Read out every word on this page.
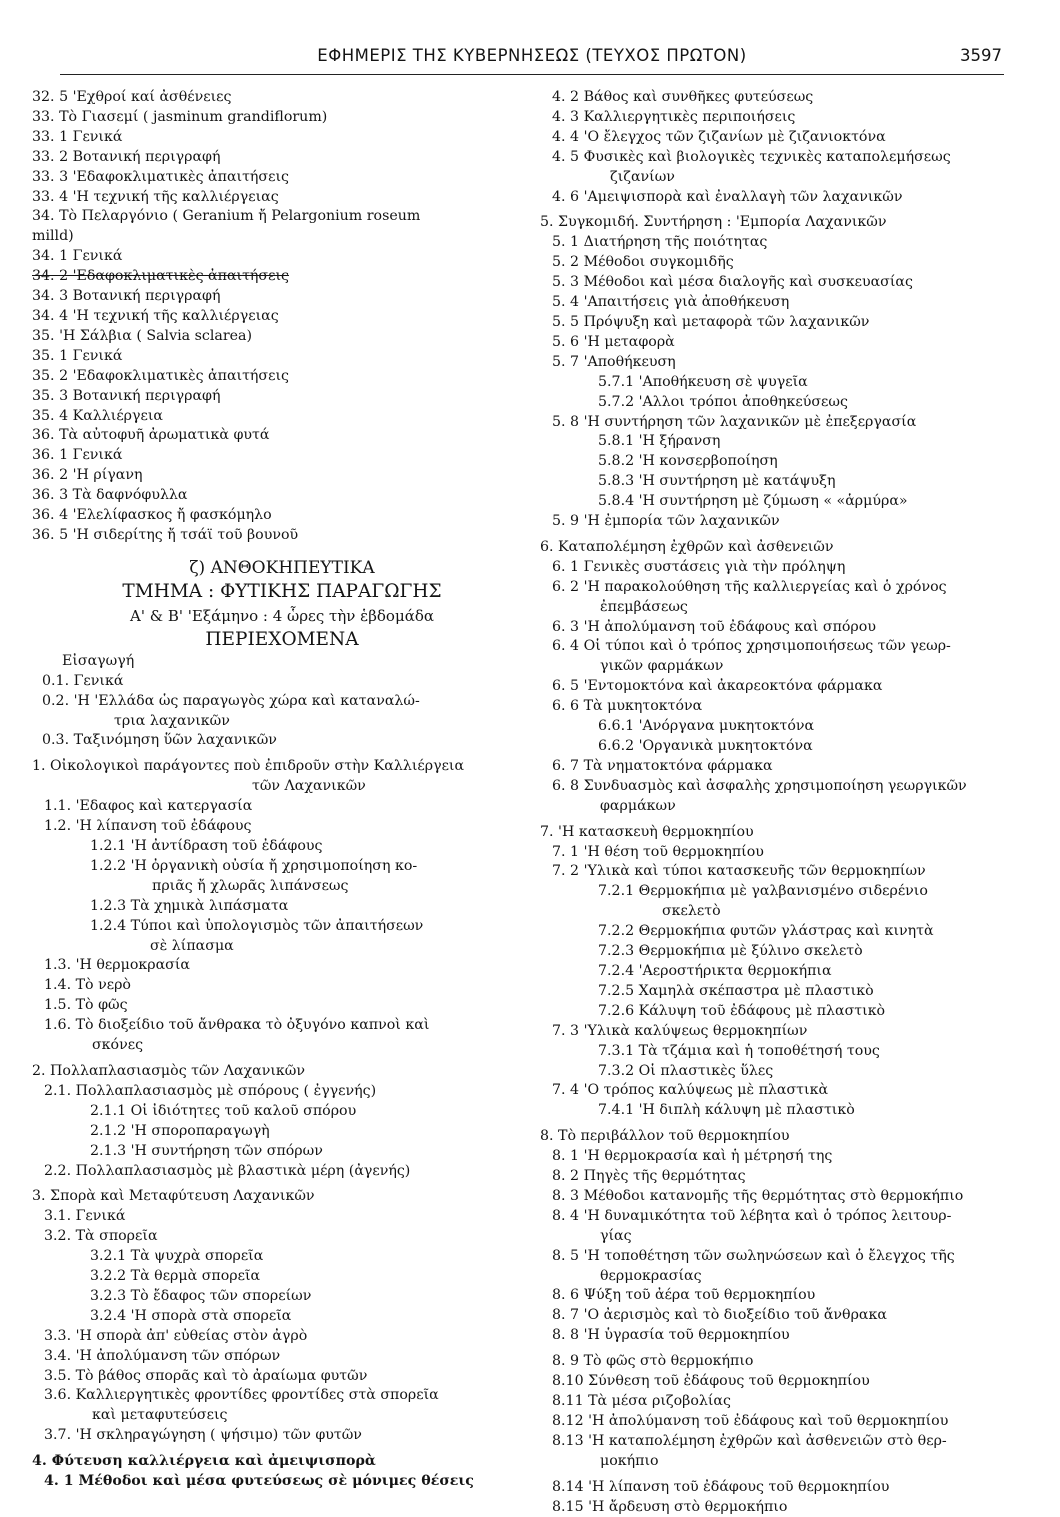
ΕΦΗΜΕΡΙΣ ΤΗΣ ΚΥΒΕΡΝΗΣΕΩΣ (ΤΕΥΧΟΣ ΠΡΩΤΟΝ)	3597
32. 5 'Εχθροί καί ἀσθένειες
33. Τὸ Γιασεμί ( jasminum grandiflorum)
33. 1 Γενικά
33. 2 Βοτανική περιγραφή
33. 3 'Εδαφοκλιματικὲς ἀπαιτήσεις
33. 4 'Η τεχνική τῆς καλλιέργειας
34. Τὸ Πελαργόνιο ( Geranium ἤ Pelargonium roseum
milld)
34. 1 Γενικά
34. 2 'Εδαφοκλιματικὲς ἀπαιτήσεις
34. 3 Βοτανική περιγραφή
34. 4 'Η τεχνική τῆς καλλιέργειας
35. 'Η Σάλβια ( Salvia sclarea)
35. 1 Γενικά
35. 2 'Εδαφοκλιματικὲς ἀπαιτήσεις
35. 3 Βοτανική περιγραφή
35. 4 Καλλιέργεια
36. Τὰ αὐτοφυῆ ἀρωματικὰ φυτά
36. 1 Γενικά
36. 2 'Η ρίγανη
36. 3 Τὰ δαφνόφυλλα
36. 4 'Ελελίφασκος ἤ φασκόμηλο
36. 5 'Η σιδερίτης ἤ τσάϊ τοῦ βουνοῦ
ζ) ΑΝΘΟΚΗΠΕΥΤΙΚΑ
ΤΜΗΜΑ : ΦΥΤΙΚΗΣ ΠΑΡΑΓΩΓΗΣ
Α' & Β' 'Εξάμηνο : 4 ὧρες τὴν ἑβδομάδα
ΠΕΡΙΕΧΟΜΕΝΑ
Εἰσαγωγή
0.1. Γενικά
0.2. 'Η 'Ελλάδα ὡς παραγωγὸς χώρα καὶ καταναλώ-
τρια λαχανικῶν
0.3. Ταξινόμηση ὕῶν λαχανικῶν
1. Οἰκολογικοὶ παράγοντες ποὺ ἐπιδροῦν στὴν Καλλιέργεια
τῶν Λαχανικῶν
1.1. 'Εδαφος καὶ κατεργασία
1.2. 'Η λίπανση τοῦ ἐδάφους
1.2.1 'Η ἀντίδραση τοῦ ἐδάφους
1.2.2 'Η ὀργανικὴ οὐσία ἤ χρησιμοποίηση κο-
πριᾶς ἤ χλωρᾶς λιπάνσεως
1.2.3 Τὰ χημικὰ λιπάσματα
1.2.4 Τύποι καὶ ὑπολογισμὸς τῶν ἀπαιτήσεων
σὲ λίπασμα
1.3. 'Η θερμοκρασία
1.4. Τὸ νερὸ
1.5. Τὸ φῶς
1.6. Τὸ διοξείδιο τοῦ ἄνθρακα τὸ ὀξυγόνο καπνοὶ καὶ
σκόνες
2. Πολλαπλασιασμὸς τῶν Λαχανικῶν
2.1. Πολλαπλασιασμὸς μὲ σπόρους ( ἐγγενής)
2.1.1 Οἱ ἰδιότητες τοῦ καλοῦ σπόρου
2.1.2 'Η σποροπαραγωγὴ
2.1.3 'Η συντήρηση τῶν σπόρων
2.2. Πολλαπλασιασμὸς μὲ βλαστικὰ μέρη (ἀγενής)
3. Σπορὰ καὶ Μεταφύτευση Λαχανικῶν
3.1. Γενικά
3.2. Τὰ σπορεῖα
3.2.1 Τὰ ψυχρὰ σπορεῖα
3.2.2 Τὰ θερμὰ σπορεῖα
3.2.3 Τὸ ἔδαφος τῶν σπορείων
3.2.4 'Η σπορὰ στὰ σπορεῖα
3.3. 'Η σπορὰ ἀπ' εὐθείας στὸν ἀγρὸ
3.4. 'Η ἀπολύμανση τῶν σπόρων
3.5. Τὸ βάθος σπορᾶς καὶ τὸ ἀραίωμα φυτῶν
3.6. Καλλιεργητικὲς φροντίδες φροντίδες στὰ σπορεῖα
καὶ μεταφυτεύσεις
3.7. 'Η σκληραγώγηση ( ψήσιμο) τῶν φυτῶν
4. Φύτευση καλλιέργεια καὶ ἀμειψισπορὰ
4. 1 Μέθοδοι καὶ μέσα φυτεύσεως σὲ μόνιμες θέσεις
4. 2 Βάθος καὶ συνθῆκες φυτεύσεως
4. 3 Καλλιεργητικὲς περιποιήσεις
4. 4 'Ο ἔλεγχος τῶν ζιζανίων μὲ ζιζανιοκτόνα
4. 5 Φυσικὲς καὶ βιολογικὲς τεχνικὲς καταπολεμήσεως
ζιζανίων
4. 6 'Αμειψισπορὰ καὶ ἐναλλαγὴ τῶν λαχανικῶν
5. Συγκομιδή. Συντήρηση : 'Εμπορία Λαχανικῶν
5. 1 Διατήρηση τῆς ποιότητας
5. 2 Μέθοδοι συγκομιδῆς
5. 3 Μέθοδοι καὶ μέσα διαλογῆς καὶ συσκευασίας
5. 4 'Απαιτήσεις γιὰ ἀποθήκευση
5. 5 Πρόψυξη καὶ μεταφορὰ τῶν λαχανικῶν
5. 6 'Η μεταφορὰ
5. 7 'Αποθήκευση
5.7.1 'Αποθήκευση σὲ ψυγεῖα
5.7.2 'Αλλοι τρόποι ἀποθηκεύσεως
5. 8 'Η συντήρηση τῶν λαχανικῶν μὲ ἐπεξεργασία
5.8.1 'Η ξήρανση
5.8.2 'Η κονσερβοποίηση
5.8.3 'Η συντήρηση μὲ κατάψυξη
5.8.4 'Η συντήρηση μὲ ζύμωση « «ἁρμύρα»
5. 9 'Η ἐμπορία τῶν λαχανικῶν
6. Καταπολέμηση ἐχθρῶν καὶ ἀσθενειῶν
6. 1 Γενικὲς συστάσεις γιὰ τὴν πρόληψη
6. 2 'Η παρακολούθηση τῆς καλλιεργείας καὶ ὁ χρόνος
ἐπεμβάσεως
6. 3 'Η ἀπολύμανση τοῦ ἐδάφους καὶ σπόρου
6. 4 Οἱ τύποι καὶ ὁ τρόπος χρησιμοποιήσεως τῶν γεωρ-
γικῶν φαρμάκων
6. 5 'Εντομοκτόνα καὶ ἀκαρεοκτόνα φάρμακα
6. 6 Τὰ μυκητοκτόνα
6.6.1 'Ανόργανα μυκητοκτόνα
6.6.2 'Οργανικὰ μυκητοκτόνα
6. 7 Τὰ νηματοκτόνα φάρμακα
6. 8 Συνδυασμὸς καὶ ἀσφαλὴς χρησιμοποίηση γεωργικῶν
φαρμάκων
7. 'Η κατασκευὴ θερμοκηπίου
7. 1 'Η θέση τοῦ θερμοκηπίου
7. 2 'Υλικὰ καὶ τύποι κατασκευῆς τῶν θερμοκηπίων
7.2.1 Θερμοκήπια μὲ γαλβανισμένο σιδερένιο
σκελετὸ
7.2.2 Θερμοκήπια φυτῶν γλάστρας καὶ κινητὰ
7.2.3 Θερμοκήπια μὲ ξύλινο σκελετὸ
7.2.4 'Αεροστήρικτα θερμοκήπια
7.2.5 Χαμηλὰ σκέπαστρα μὲ πλαστικὸ
7.2.6 Κάλυψη τοῦ ἐδάφους μὲ πλαστικὸ
7. 3 'Υλικὰ καλύψεως θερμοκηπίων
7.3.1 Τὰ τζάμια καὶ ἡ τοποθέτησή τους
7.3.2 Οἱ πλαστικὲς ὕλες
7. 4 'Ο τρόπος καλύψεως μὲ πλαστικὰ
7.4.1 'Η διπλὴ κάλυψη μὲ πλαστικὸ
8. Τὸ περιβάλλον τοῦ θερμοκηπίου
8. 1 'Η θερμοκρασία καὶ ἡ μέτρησή της
8. 2 Πηγὲς τῆς θερμότητας
8. 3 Μέθοδοι κατανομῆς τῆς θερμότητας στὸ θερμοκήπιο
8. 4 'Η δυναμικότητα τοῦ λέβητα καὶ ὁ τρόπος λειτουρ-
γίας
8. 5 'Η τοποθέτηση τῶν σωληνώσεων καὶ ὁ ἔλεγχος τῆς
θερμοκρασίας
8. 6 Ψύξη τοῦ ἀέρα τοῦ θερμοκηπίου
8. 7 'Ο ἀερισμὸς καὶ τὸ διοξείδιο τοῦ ἄνθρακα
8. 8 'Η ὑγρασία τοῦ θερμοκηπίου
8. 9 Τὸ φῶς στὸ θερμοκήπιο
8.10 Σύνθεση τοῦ ἐδάφους τοῦ θερμοκηπίου
8.11 Τὰ μέσα ριζοβολίας
8.12 'Η ἀπολύμανση τοῦ ἐδάφους καὶ τοῦ θερμοκηπίου
8.13 'Η καταπολέμηση ἐχθρῶν καὶ ἀσθενειῶν στὸ θερ-
μοκήπιο
8.14 'Η λίπανση τοῦ ἐδάφους τοῦ θερμοκηπίου
8.15 'Η ἄρδευση στὸ θερμοκήπιο
